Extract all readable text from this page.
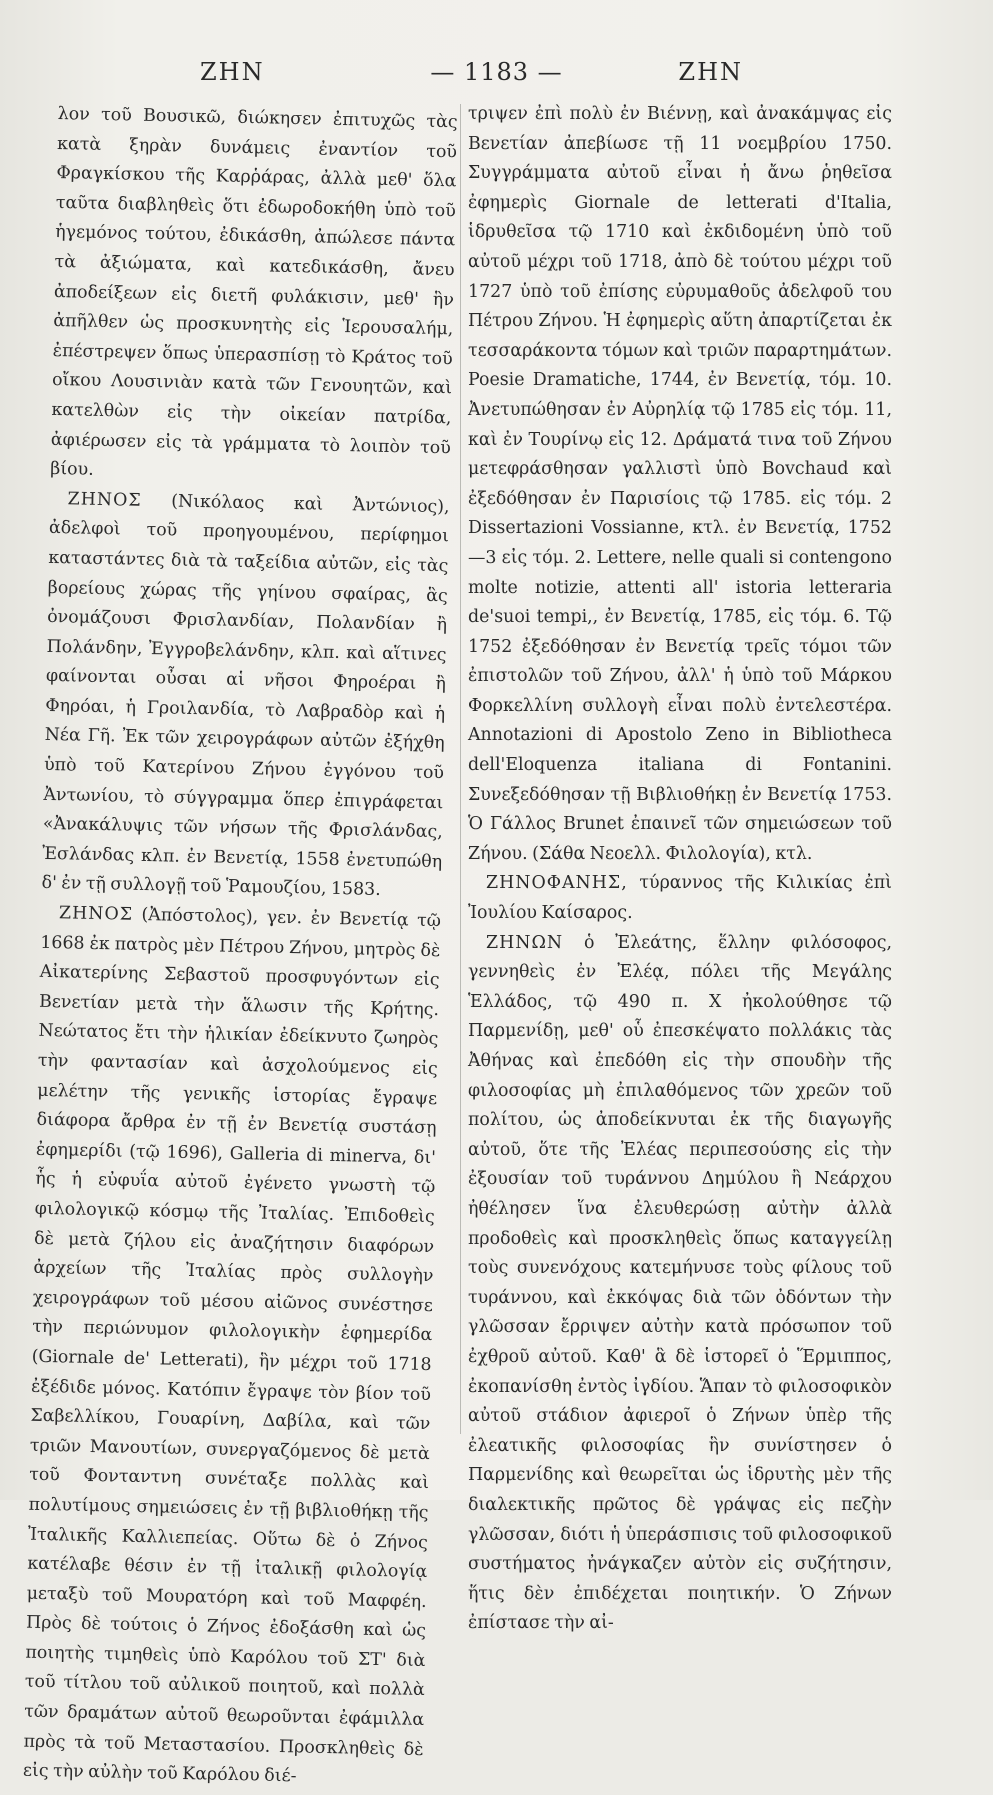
ΖΗΝ	— 1183 —	ΖΗΝ

λον τοῦ Βουσικῶ, διώκησεν ἐπιτυχῶς τὰς κατὰ ξηρὰν δυνάμεις ἐναντίον τοῦ Φραγκίσκου τῆς Καρῥάρας, ἀλλὰ μεθ' ὅλα ταῦτα διαβληθεὶς ὅτι ἐδωροδοκήθη ὑπὸ τοῦ ἡγεμόνος τούτου, ἐδικάσθη, ἀπώλεσε πάντα τὰ ἀξιώματα, καὶ κατεδικάσθη, ἄνευ ἀποδείξεων εἰς διετῆ φυλάκισιν, μεθ' ἣν ἀπῆλθεν ὡς προσκυνητὴς εἰς Ἱερουσαλήμ, ἐπέστρεψεν ὅπως ὑπερασπίσῃ τὸ Κράτος τοῦ οἴκου Λουσινιὰν κατὰ τῶν Γενουητῶν, καὶ κατελθὼν εἰς τὴν οἰκείαν πατρίδα, ἀφιέρωσεν εἰς τὰ γράμματα τὸ λοιπὸν τοῦ βίου.

ΖΗΝΟΣ (Νικόλαος καὶ Ἀντώνιος), ἀδελφοὶ τοῦ προηγουμένου, περίφημοι καταστάντες διὰ τὰ ταξείδια αὐτῶν, εἰς τὰς βορείους χώρας τῆς γηίνου σφαίρας, ἃς ὀνομάζουσι Φρισλανδίαν, Πολανδίαν ἢ Πολάνδην, Ἐγγροβελάνδην, κλπ. καὶ αἵτινες φαίνονται οὖσαι αἱ νῆσοι Φηροέραι ἢ Φηρόαι, ἡ Γροιλανδία, τὸ Λαβραδὸρ καὶ ἡ Νέα Γῆ. Ἐκ τῶν χειρογράφων αὐτῶν ἐξήχθη ὑπὸ τοῦ Κατερίνου Ζήνου ἐγγόνου τοῦ Ἀντωνίου, τὸ σύγγραμμα ὅπερ ἐπιγράφεται «Ἀνακάλυψις τῶν νήσων τῆς Φρισλάνδας, Ἐσλάνδας κλπ. ἐν Βενετίᾳ, 1558 ἐνετυπώθη δ' ἐν τῇ συλλογῇ τοῦ Ῥαμουζίου, 1583.

ΖΗΝΟΣ (Ἀπόστολος), γεν. ἐν Βενετίᾳ τῷ 1668 ἐκ πατρὸς μὲν Πέτρου Ζήνου, μητρὸς δὲ Αἰκατερίνης Σεβαστοῦ προσφυγόντων εἰς Βενετίαν μετὰ τὴν ἅλωσιν τῆς Κρήτης. Νεώτατος ἔτι τὴν ἡλικίαν ἐδείκνυτο ζωηρὸς τὴν φαντασίαν καὶ ἀσχολούμενος εἰς μελέτην τῆς γενικῆς ἱστορίας ἔγραψε διάφορα ἄρθρα ἐν τῇ ἐν Βενετίᾳ συστάσῃ ἐφημερίδι (τῷ 1696), Galleria di minerva, δι' ἧς ἡ εὐφυΐα αὐτοῦ ἐγένετο γνωστὴ τῷ φιλολογικῷ κόσμῳ τῆς Ἰταλίας. Ἐπιδοθεὶς δὲ μετὰ ζήλου εἰς ἀναζήτησιν διαφόρων ἀρχείων τῆς Ἰταλίας πρὸς συλλογὴν χειρογράφων τοῦ μέσου αἰῶνος συνέστησε τὴν περιώνυμον φιλολογικὴν ἐφημερίδα (Giornale de' Letterati), ἣν μέχρι τοῦ 1718 ἐξέδιδε μόνος. Κατόπιν ἔγραψε τὸν βίον τοῦ Σαβελλίκου, Γουαρίνη, Δαβίλα, καὶ τῶν τριῶν Μανουτίων, συνεργαζόμενος δὲ μετὰ τοῦ Φονταντνη συνέταξε πολλὰς καὶ πολυτίμους σημειώσεις ἐν τῇ βιβλιοθήκῃ τῆς Ἰταλικῆς Καλλιεπείας. Οὕτω δὲ ὁ Ζήνος κατέλαβε θέσιν ἐν τῇ ἰταλικῇ φιλολογίᾳ μεταξὺ τοῦ Μουρατόρη καὶ τοῦ Μαφφέη. Πρὸς δὲ τούτοις ὁ Ζήνος ἐδοξάσθη καὶ ὡς ποιητὴς τιμηθεὶς ὑπὸ Καρόλου τοῦ ΣΤ' διὰ τοῦ τίτλου τοῦ αὐλικοῦ ποιητοῦ, καὶ πολλὰ τῶν δραμάτων αὐτοῦ θεωροῦνται ἐφάμιλλα πρὸς τὰ τοῦ Μεταστασίου. Προσκληθεὶς δὲ εἰς τὴν αὐλὴν τοῦ Καρόλου διέ-

τριψεν ἐπὶ πολὺ ἐν Βιέννῃ, καὶ ἀνακάμψας εἰς Βενετίαν ἀπεβίωσε τῇ 11 νοεμβρίου 1750. Συγγράμματα αὐτοῦ εἶναι ἡ ἄνω ῥηθεῖσα ἐφημερὶς Giornale de letterati d'Italia, ἱδρυθεῖσα τῷ 1710 καὶ ἐκδιδομένη ὑπὸ τοῦ αὐτοῦ μέχρι τοῦ 1718, ἀπὸ δὲ τούτου μέχρι τοῦ 1727 ὑπὸ τοῦ ἐπίσης εὐρυμαθοῦς ἀδελφοῦ του Πέτρου Ζήνου. Ἡ ἐφημερὶς αὕτη ἀπαρτίζεται ἐκ τεσσαράκοντα τόμων καὶ τριῶν παραρτημάτων. Poesie Dramatiche, 1744, ἐν Βενετίᾳ, τόμ. 10. Ἀνετυπώθησαν ἐν Αὐρηλίᾳ τῷ 1785 εἰς τόμ. 11, καὶ ἐν Τουρίνῳ εἰς 12. Δράματά τινα τοῦ Ζήνου μετεφράσθησαν γαλλιστὶ ὑπὸ Bovchaud καὶ ἐξεδόθησαν ἐν Παρισίοις τῷ 1785. εἰς τόμ. 2 Dissertazioni Vossianne, κτλ. ἐν Βενετίᾳ, 1752—3 εἰς τόμ. 2. Lettere, nelle quali si contengono molte notizie, attenti all' istoria letteraria de'suoi tempi,, ἐν Βενετίᾳ, 1785, εἰς τόμ. 6. Τῷ 1752 ἐξεδόθησαν ἐν Βενετίᾳ τρεῖς τόμοι τῶν ἐπιστολῶν τοῦ Ζήνου, ἀλλ' ἡ ὑπὸ τοῦ Μάρκου Φορκελλίνη συλλογὴ εἶναι πολὺ ἐντελεστέρα. Annotazioni di Apostolo Zeno in Bibliotheca dell'Eloquenza italiana di Fontanini. Συνεξεδόθησαν τῇ Βιβλιοθήκῃ ἐν Βενετίᾳ 1753. Ὁ Γάλλος Brunet ἐπαινεῖ τῶν σημειώσεων τοῦ Ζήνου. (Σάθα Νεοελλ. Φιλολογία), κτλ.

ΖΗΝΟΦΑΝΗΣ, τύραννος τῆς Κιλικίας ἐπὶ Ἰουλίου Καίσαρος.

ΖΗΝΩΝ ὁ Ἐλεάτης, ἕλλην φιλόσοφος, γεννηθεὶς ἐν Ἐλέᾳ, πόλει τῆς Μεγάλης Ἑλλάδος, τῷ 490 π. Χ ἠκολούθησε τῷ Παρμενίδῃ, μεθ' οὗ ἐπεσκέψατο πολλάκις τὰς Ἀθήνας καὶ ἐπεδόθη εἰς τὴν σπουδὴν τῆς φιλοσοφίας μὴ ἐπιλαθόμενος τῶν χρεῶν τοῦ πολίτου, ὡς ἀποδείκνυται ἐκ τῆς διαγωγῆς αὐτοῦ, ὅτε τῆς Ἐλέας περιπεσούσης εἰς τὴν ἐξουσίαν τοῦ τυράννου Δημύλου ἢ Νεάρχου ἠθέλησεν ἵνα ἐλευθερώσῃ αὐτὴν ἀλλὰ προδοθεὶς καὶ προσκληθεὶς ὅπως καταγγείλῃ τοὺς συνενόχους κατεμήνυσε τοὺς φίλους τοῦ τυράννου, καὶ ἐκκόψας διὰ τῶν ὀδόντων τὴν γλῶσσαν ἔρριψεν αὐτὴν κατὰ πρόσωπον τοῦ ἐχθροῦ αὐτοῦ. Καθ' ἃ δὲ ἱστορεῖ ὁ Ἕρμιππος, ἐκοπανίσθη ἐντὸς ἰγδίου. Ἅπαν τὸ φιλοσοφικὸν αὐτοῦ στάδιον ἀφιεροῖ ὁ Ζήνων ὑπὲρ τῆς ἐλεατικῆς φιλοσοφίας ἣν συνίστησεν ὁ Παρμενίδης καὶ θεωρεῖται ὡς ἱδρυτὴς μὲν τῆς διαλεκτικῆς πρῶτος δὲ γράψας εἰς πεζὴν γλῶσσαν, διότι ἡ ὑπεράσπισις τοῦ φιλοσοφικοῦ συστήματος ἠνάγκαζεν αὐτὸν εἰς συζήτησιν, ἥτις δὲν ἐπιδέχεται ποιητικήν. Ὁ Ζήνων ἐπίστασε τὴν αἰ-
